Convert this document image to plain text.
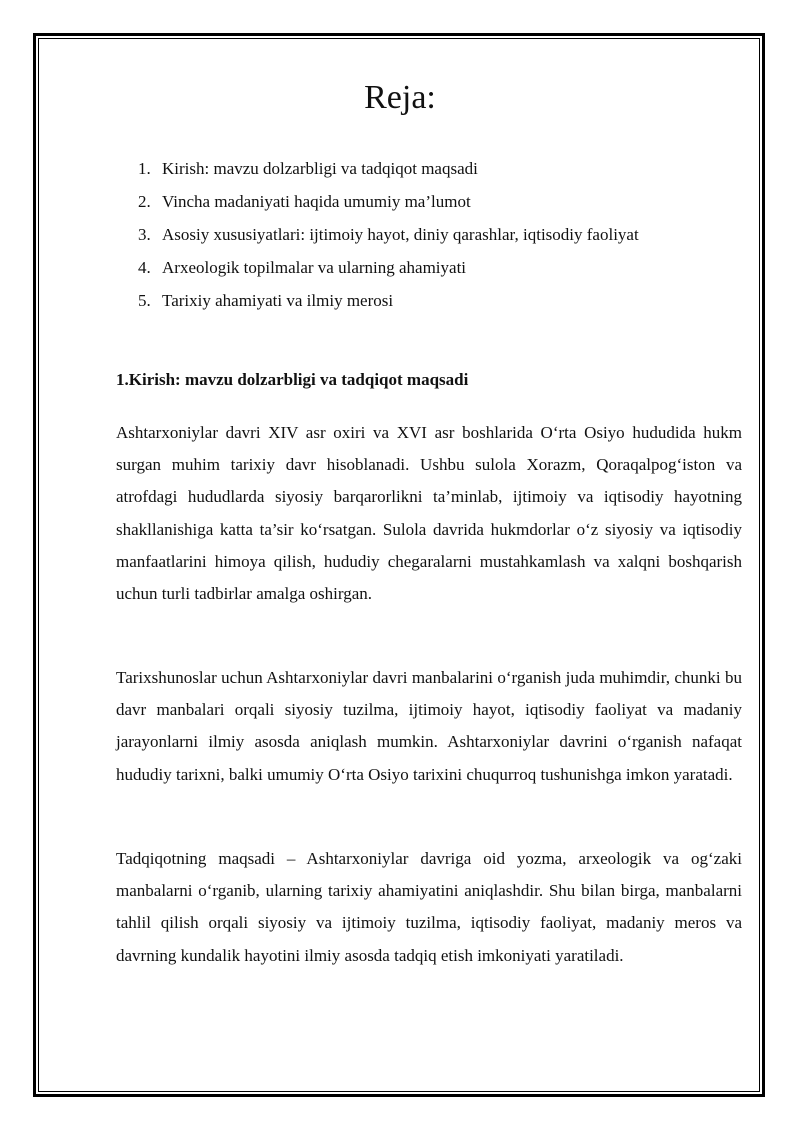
Reja:
1. Kirish: mavzu dolzarbligi va tadqiqot maqsadi
2. Vincha madaniyati haqida umumiy ma’lumot
3. Asosiy xususiyatlari: ijtimoiy hayot, diniy qarashlar, iqtisodiy faoliyat
4. Arxeologik topilmalar va ularning ahamiyati
5. Tarixiy ahamiyati va ilmiy merosi
1.Kirish: mavzu dolzarbligi va tadqiqot maqsadi

Ashtarxoniylar davri XIV asr oxiri va XVI asr boshlarida O‘rta Osiyo hududida hukm surgan muhim tarixiy davr hisoblanadi. Ushbu sulola Xorazm, Qoraqalpog‘iston va atrofdagi hududlarda siyosiy barqarorlikni ta’minlab, ijtimoiy va iqtisodiy hayotning shakllanishiga katta ta’sir ko‘rsatgan. Sulola davrida hukmdorlar o‘z siyosiy va iqtisodiy manfaatlarini himoya qilish, hududiy chegaralarni mustahkamlash va xalqni boshqarish uchun turli tadbirlar amalga oshirgan.

Tarixshunoslar uchun Ashtarxoniylar davri manbalarini o‘rganish juda muhimdir, chunki bu davr manbalari orqali siyosiy tuzilma, ijtimoiy hayot, iqtisodiy faoliyat va madaniy jarayonlarni ilmiy asosda aniqlash mumkin. Ashtarxoniylar davrini o‘rganish nafaqat hududiy tarixni, balki umumiy O‘rta Osiyo tarixini chuqurroq tushunishga imkon yaratadi.

Tadqiqotning maqsadi – Ashtarxoniylar davriga oid yozma, arxeologik va og‘zaki manbalarni o‘rganib, ularning tarixiy ahamiyatini aniqlashdir. Shu bilan birga, manbalarni tahlil qilish orqali siyosiy va ijtimoiy tuzilma, iqtisodiy faoliyat, madaniy meros va davrning kundalik hayotini ilmiy asosda tadqiq etish imkoniyati yaratiladi.
